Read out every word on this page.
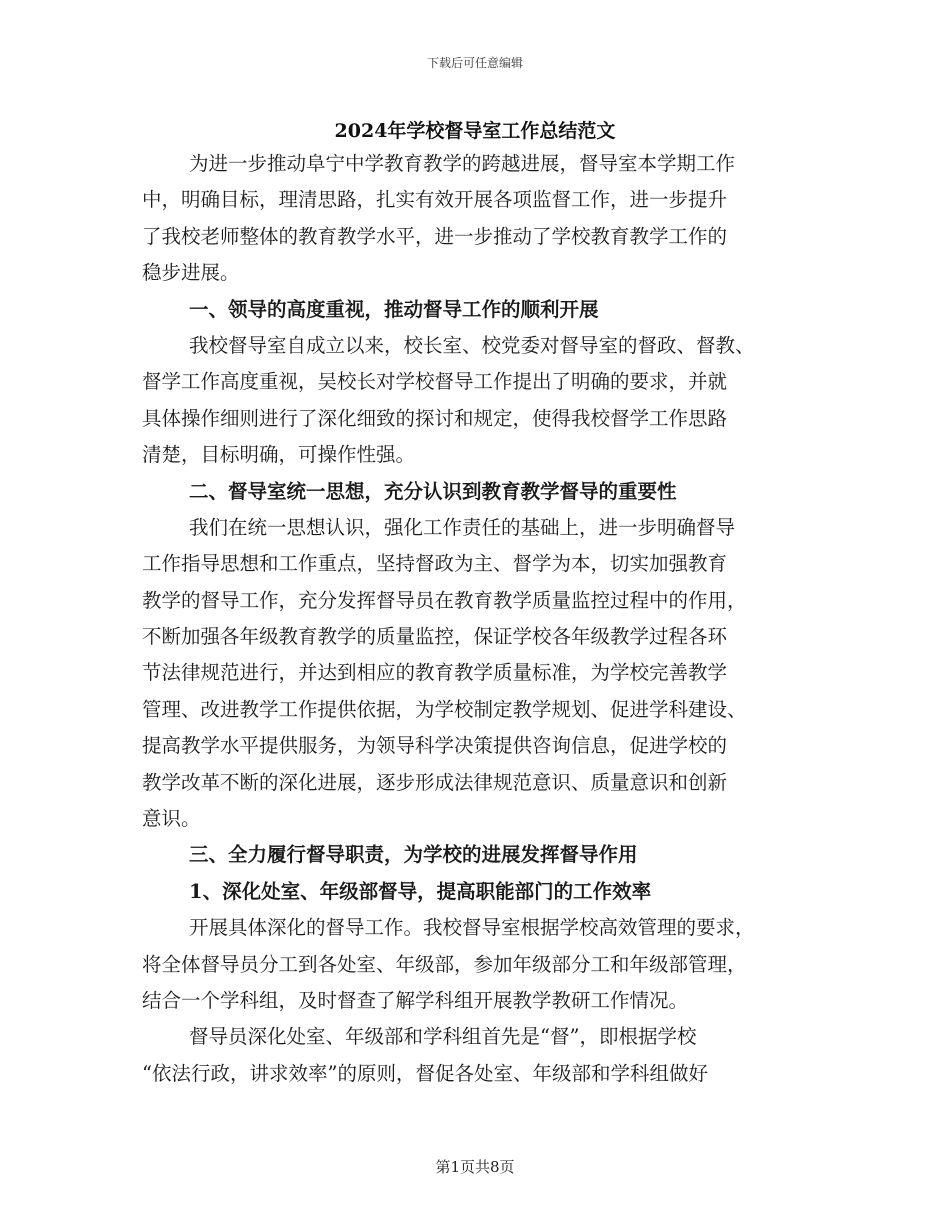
下载后可任意编辑
2024年学校督导室工作总结范文
为进一步推动阜宁中学教育教学的跨越进展，督导室本学期工作
中，明确目标，理清思路，扎实有效开展各项监督工作，进一步提升
了我校老师整体的教育教学水平，进一步推动了学校教育教学工作的
稳步进展。
一、领导的高度重视，推动督导工作的顺利开展
我校督导室自成立以来，校长室、校党委对督导室的督政、督教、
督学工作高度重视，吴校长对学校督导工作提出了明确的要求，并就
具体操作细则进行了深化细致的探讨和规定，使得我校督学工作思路
清楚，目标明确，可操作性强。
二、督导室统一思想，充分认识到教育教学督导的重要性
我们在统一思想认识，强化工作责任的基础上，进一步明确督导
工作指导思想和工作重点，坚持督政为主、督学为本，切实加强教育
教学的督导工作，充分发挥督导员在教育教学质量监控过程中的作用，
不断加强各年级教育教学的质量监控，保证学校各年级教学过程各环
节法律规范进行，并达到相应的教育教学质量标准，为学校完善教学
管理、改进教学工作提供依据，为学校制定教学规划、促进学科建设、
提高教学水平提供服务，为领导科学决策提供咨询信息，促进学校的
教学改革不断的深化进展，逐步形成法律规范意识、质量意识和创新
意识。
三、全力履行督导职责，为学校的进展发挥督导作用
1、深化处室、年级部督导，提高职能部门的工作效率
开展具体深化的督导工作。我校督导室根据学校高效管理的要求，
将全体督导员分工到各处室、年级部，参加年级部分工和年级部管理，
结合一个学科组，及时督查了解学科组开展教学教研工作情况。
督导员深化处室、年级部和学科组首先是“督”，即根据学校
“依法行政，讲求效率”的原则，督促各处室、年级部和学科组做好
第1页共8页
